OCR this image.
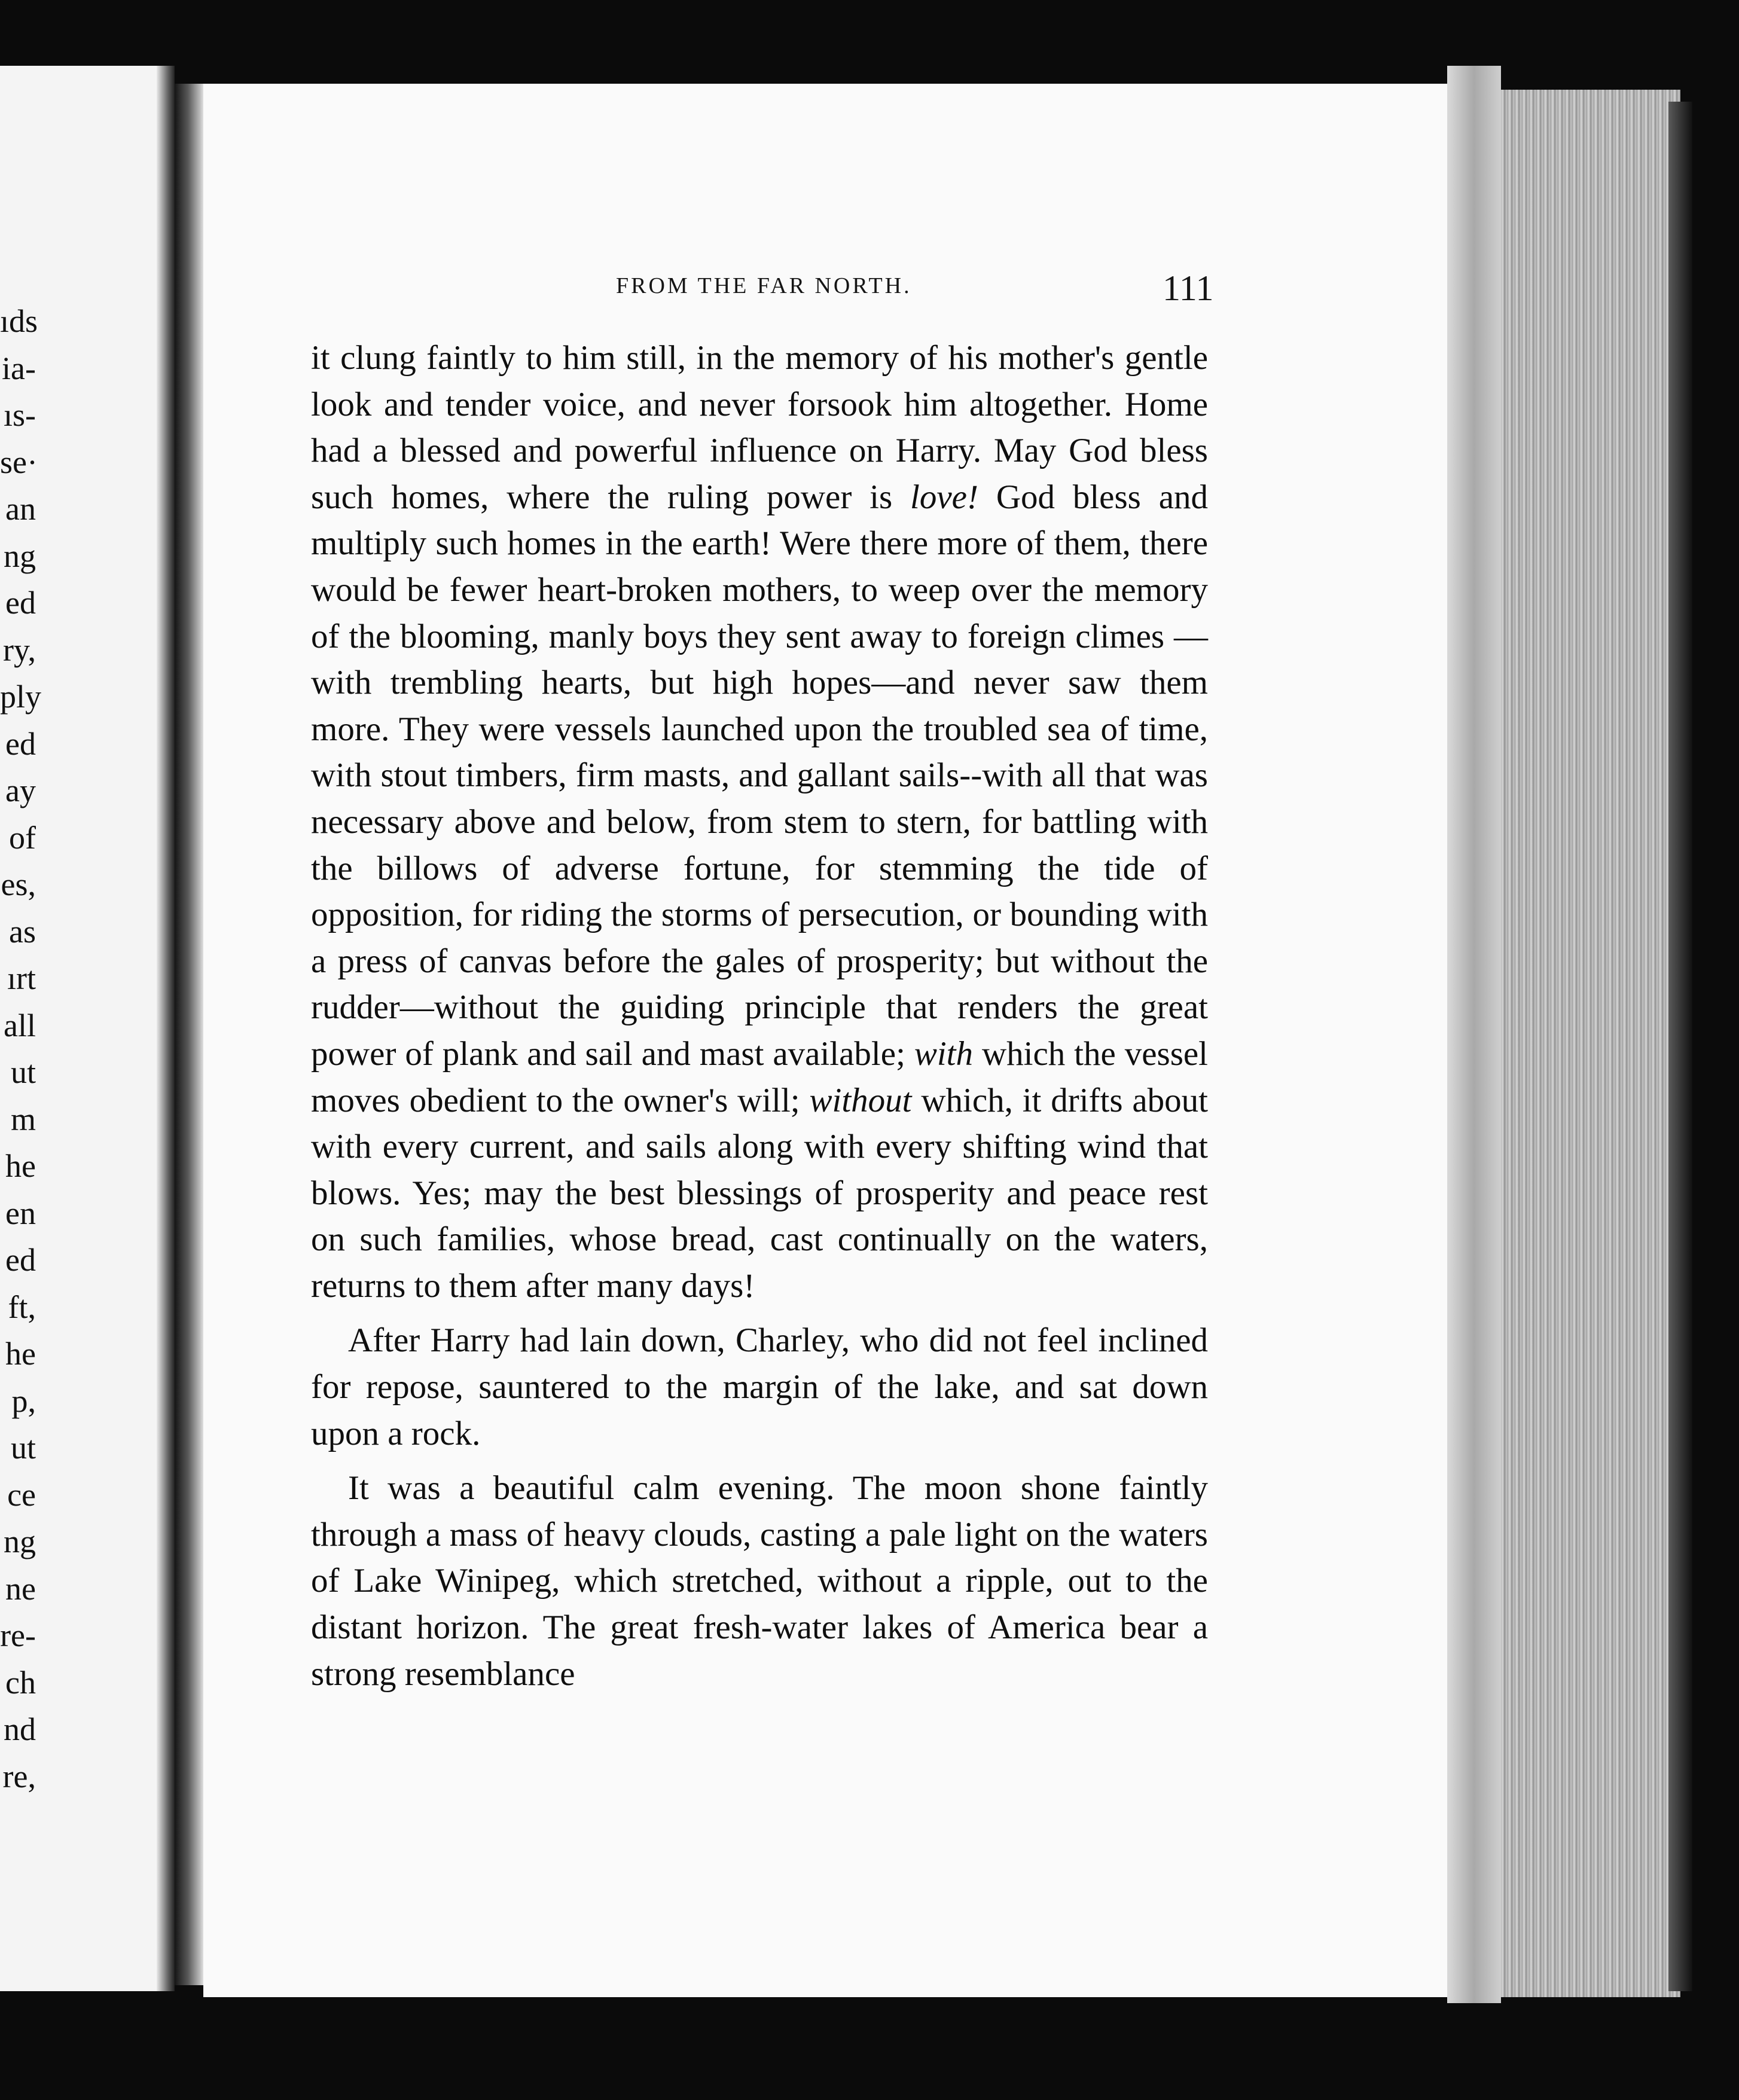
ıds
ia-
ıs-
se·
an
ng
ed
ry,
ply
ed
ay
of
es,
as
ırt
all
ut
m
he
en
ed
ft,
he
p,
ut
ce
ng
ne
re-
ch
nd
re,
FROM THE FAR NORTH.	111

it clung faintly to him still, in the memory of his mother's gentle look and tender voice, and never forsook him altogether. Home had a blessed and powerful influence on Harry. May God bless such homes, where the ruling power is love! God bless and multiply such homes in the earth! Were there more of them, there would be fewer heart-broken mothers, to weep over the memory of the blooming, manly boys they sent away to foreign climes —with trembling hearts, but high hopes—and never saw them more. They were vessels launched upon the troubled sea of time, with stout timbers, firm masts, and gallant sails--with all that was necessary above and below, from stem to stern, for battling with the billows of adverse fortune, for stemming the tide of opposition, for riding the storms of persecution, or bounding with a press of canvas before the gales of prosperity; but without the rudder—without the guiding principle that renders the great power of plank and sail and mast available; with which the vessel moves obedient to the owner's will; without which, it drifts about with every current, and sails along with every shifting wind that blows. Yes; may the best blessings of prosperity and peace rest on such families, whose bread, cast continually on the waters, returns to them after many days!

After Harry had lain down, Charley, who did not feel inclined for repose, sauntered to the margin of the lake, and sat down upon a rock.

It was a beautiful calm evening. The moon shone faintly through a mass of heavy clouds, casting a pale light on the waters of Lake Winipeg, which stretched, without a ripple, out to the distant horizon. The great fresh-water lakes of America bear a strong resemblance
